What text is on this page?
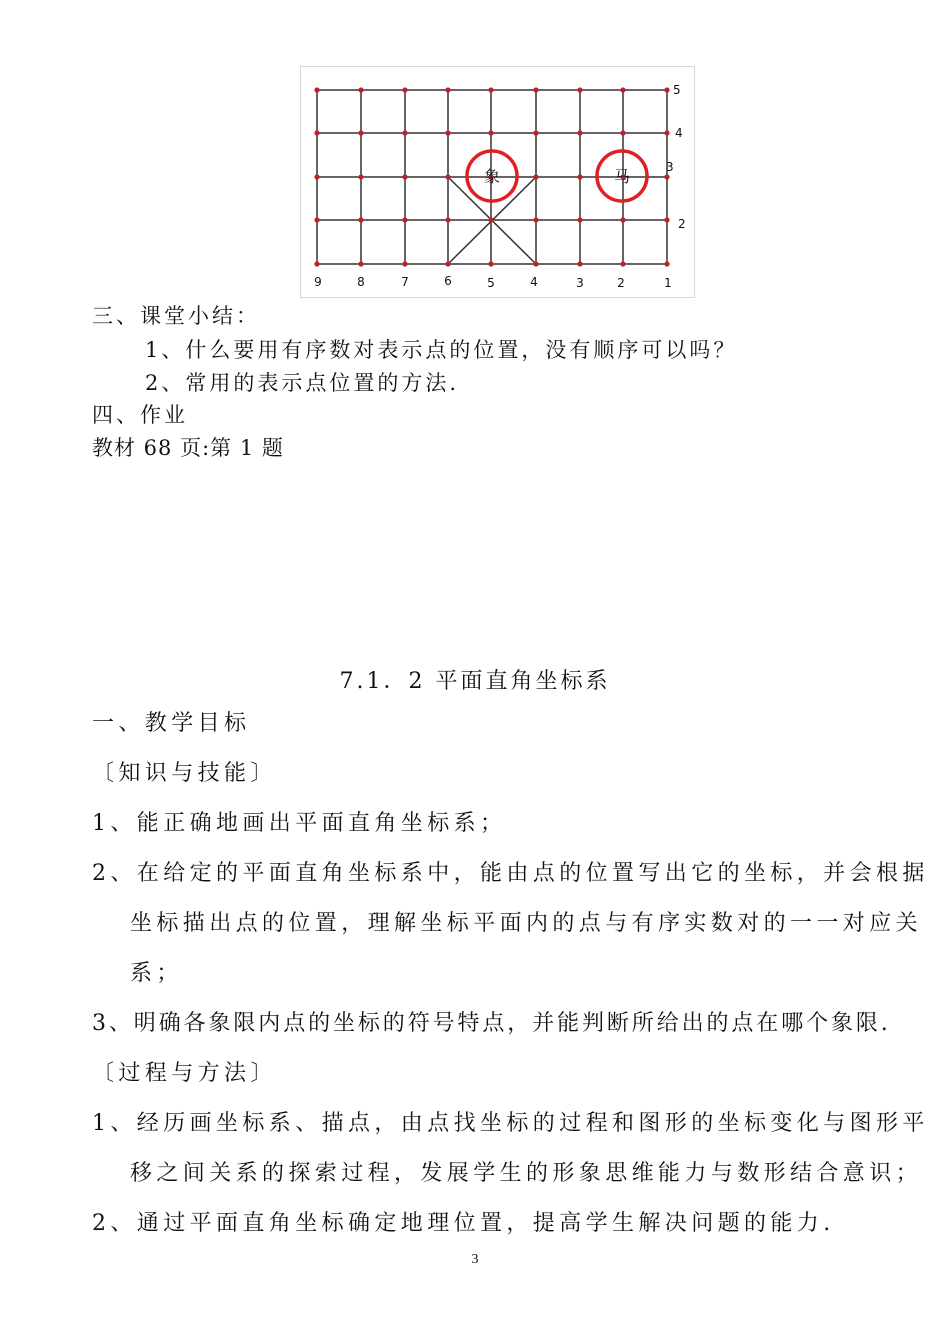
象	马
5
4
3
2
9	8	7	6	5	4	3	2	1
三、课堂小结：
1、什么要用有序数对表示点的位置，没有顺序可以吗？
2、常用的表示点位置的方法.
四、作业
教材 68 页:第 1 题
7.1．2 平面直角坐标系
一、教学目标
〔知识与技能〕
1、能正确地画出平面直角坐标系；
2、在给定的平面直角坐标系中，能由点的位置写出它的坐标，并会根据
坐标描出点的位置，理解坐标平面内的点与有序实数对的一一对应关
系；
3、明确各象限内点的坐标的符号特点，并能判断所给出的点在哪个象限.
〔过程与方法〕
1、经历画坐标系、描点，由点找坐标的过程和图形的坐标变化与图形平
移之间关系的探索过程，发展学生的形象思维能力与数形结合意识；
2、通过平面直角坐标确定地理位置，提高学生解决问题的能力.
3
